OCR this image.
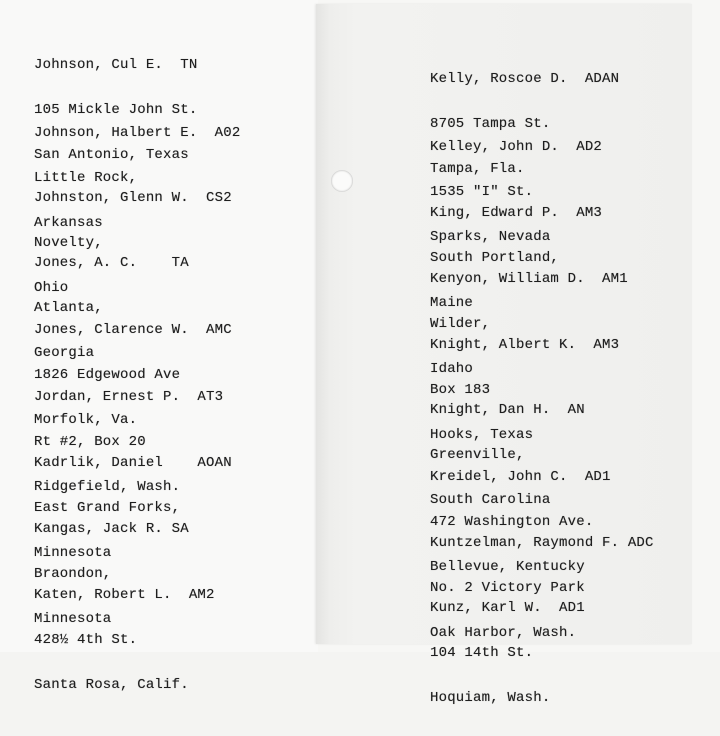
Johnson, Cul E.  TN

105 Mickle John St.

San Antonio, Texas

Johnson, Halbert E.  A02

Little Rock,

Arkansas

Johnston, Glenn W.  CS2

Novelty,

Ohio

Jones, A. C.    TA

Atlanta,

Georgia

Jones, Clarence W.  AMC

1826 Edgewood Ave

Morfolk, Va.

Jordan, Ernest P.  AT3

Rt #2, Box 20

Ridgefield, Wash.

Kadrlik, Daniel    AOAN

East Grand Forks,

Minnesota

Kangas, Jack R. SA

Braondon,

Minnesota

Katen, Robert L.  AM2

428½ 4th St.

Santa Rosa, Calif.

Kelly, Roscoe D.  ADAN

8705 Tampa St.

Tampa, Fla.

Kelley, John D.  AD2

1535 "I" St.

Sparks, Nevada

King, Edward P.  AM3

South Portland,

Maine

Kenyon, William D.  AM1

Wilder,

Idaho

Knight, Albert K.  AM3

Box 183

Hooks, Texas

Knight, Dan H.  AN

Greenville,

South Carolina

Kreidel, John C.  AD1

472 Washington Ave.

Bellevue, Kentucky

Kuntzelman, Raymond F. ADC

No. 2 Victory Park

Oak Harbor, Wash.

Kunz, Karl W.  AD1

104 14th St.

Hoquiam, Wash.
